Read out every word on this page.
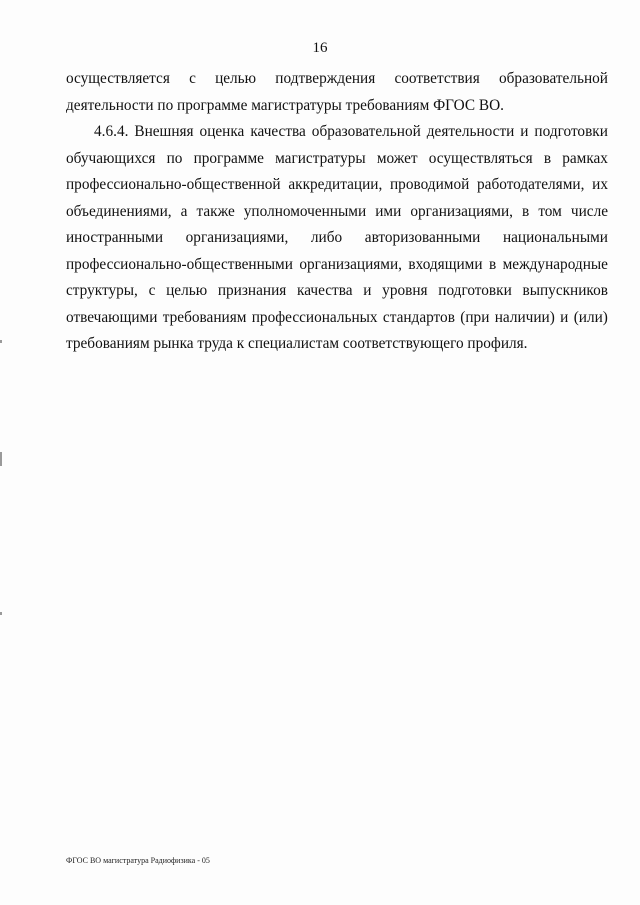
16
осуществляется с целью подтверждения соответствия образовательной
деятельности по программе магистратуры требованиям ФГОС ВО.
4.6.4. Внешняя оценка качества образовательной деятельности и подготовки
обучающихся по программе магистратуры может осуществляться в рамках
профессионально-общественной аккредитации, проводимой работодателями, их
объединениями, а также уполномоченными ими организациями, в том числе
иностранными организациями, либо авторизованными национальными
профессионально-общественными организациями, входящими в международные
структуры, с целью признания качества и уровня подготовки выпускников
отвечающими требованиям профессиональных стандартов (при наличии) и (или)
требованиям рынка труда к специалистам соответствующего профиля.
ФГОС ВО магистратура Радиофизика - 05
